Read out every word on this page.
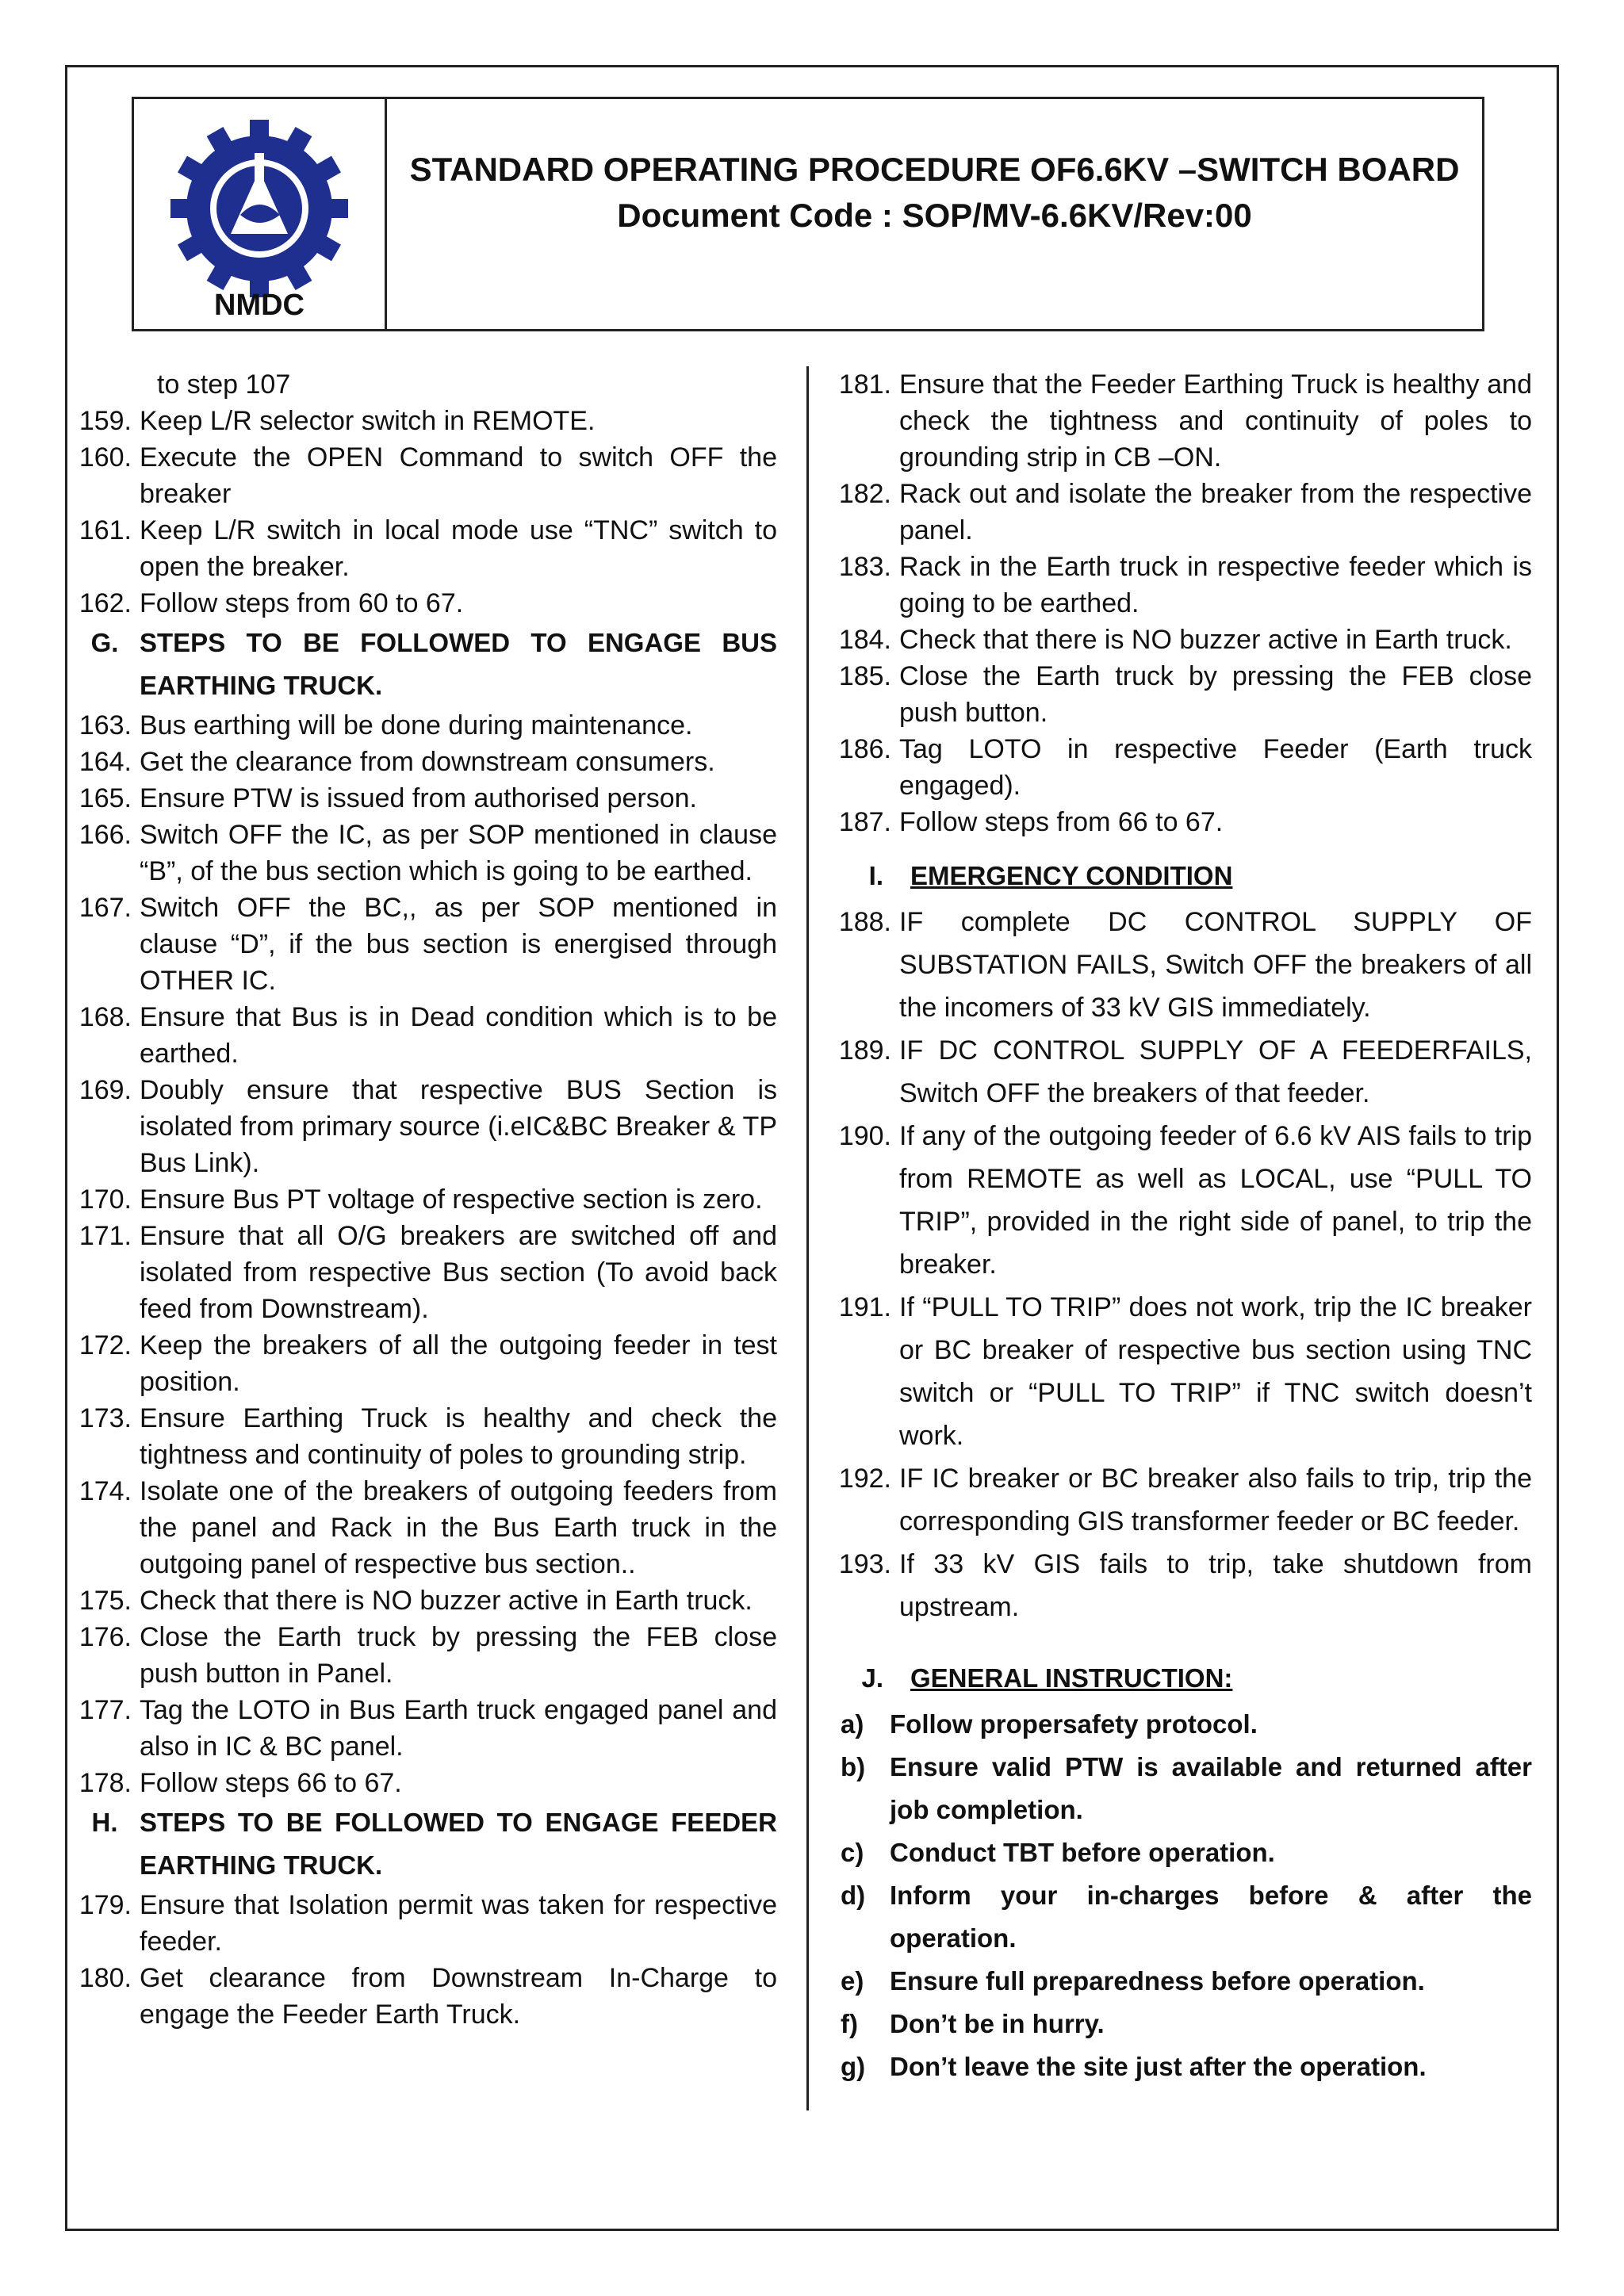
NMDC
STANDARD OPERATING PROCEDURE OF6.6KV –SWITCH BOARD
Document Code : SOP/MV-6.6KV/Rev:00
to step 107
159. Keep L/R selector switch in REMOTE.
160. Execute the OPEN Command to switch OFF the breaker
161. Keep L/R switch in local mode use “TNC” switch to open the breaker.
162. Follow steps from 60 to 67.
G. STEPS TO BE FOLLOWED TO ENGAGE BUS EARTHING TRUCK.
163. Bus earthing will be done during maintenance.
164. Get the clearance from downstream consumers.
165. Ensure PTW is issued from authorised person.
166. Switch OFF the IC, as per SOP mentioned in clause “B”, of the bus section which is going to be earthed.
167. Switch OFF the BC,, as per SOP mentioned in clause “D”, if the bus section is energised through OTHER IC.
168. Ensure that Bus is in Dead condition which is to be earthed.
169. Doubly ensure that respective BUS Section is isolated from primary source (i.eIC&BC Breaker & TP Bus Link).
170. Ensure Bus PT voltage of respective section is zero.
171. Ensure that all O/G breakers are switched off and isolated from respective Bus section (To avoid back feed from Downstream).
172. Keep the breakers of all the outgoing feeder in test position.
173. Ensure Earthing Truck is healthy and check the tightness and continuity of poles to grounding strip.
174. Isolate one of the breakers of outgoing feeders from the panel and Rack in the Bus Earth truck in the outgoing panel of respective bus section..
175. Check that there is NO buzzer active in Earth truck.
176. Close the Earth truck by pressing the FEB close push button in Panel.
177. Tag the LOTO in Bus Earth truck engaged panel and also in IC & BC panel.
178. Follow steps 66 to 67.
H. STEPS TO BE FOLLOWED TO ENGAGE FEEDER EARTHING TRUCK.
179. Ensure that Isolation permit was taken for respective feeder.
180. Get clearance from Downstream In-Charge to engage the Feeder Earth Truck.
181. Ensure that the Feeder Earthing Truck is healthy and check the tightness and continuity of poles to grounding strip in CB –ON.
182. Rack out and isolate the breaker from the respective panel.
183. Rack in the Earth truck in respective feeder which is going to be earthed.
184. Check that there is NO buzzer active in Earth truck.
185. Close the Earth truck by pressing the FEB close push button.
186. Tag LOTO in respective Feeder (Earth truck engaged).
187. Follow steps from 66 to 67.
I.	EMERGENCY CONDITION
188. IF complete DC CONTROL SUPPLY OF SUBSTATION FAILS, Switch OFF the breakers of all the incomers of 33 kV GIS immediately.
189. IF DC CONTROL SUPPLY OF A FEEDERFAILS, Switch OFF the breakers of that feeder.
190. If any of the outgoing feeder of 6.6 kV AIS fails to trip from REMOTE as well as LOCAL, use “PULL TO TRIP”, provided in the right side of panel, to trip the breaker.
191. If “PULL TO TRIP” does not work, trip the IC breaker or BC breaker of respective bus section using TNC switch or “PULL TO TRIP” if TNC switch doesn’t work.
192. IF IC breaker or BC breaker also fails to trip, trip the corresponding GIS transformer feeder or BC feeder.
193. If 33 kV GIS fails to trip, take shutdown from upstream.
J.	GENERAL INSTRUCTION:
a) Follow propersafety protocol.
b) Ensure valid PTW is available and returned after job completion.
c) Conduct TBT before operation.
d) Inform your in-charges before & after the operation.
e) Ensure full preparedness before operation.
f)	Don’t be in hurry.
g) Don’t leave the site just after the operation.
